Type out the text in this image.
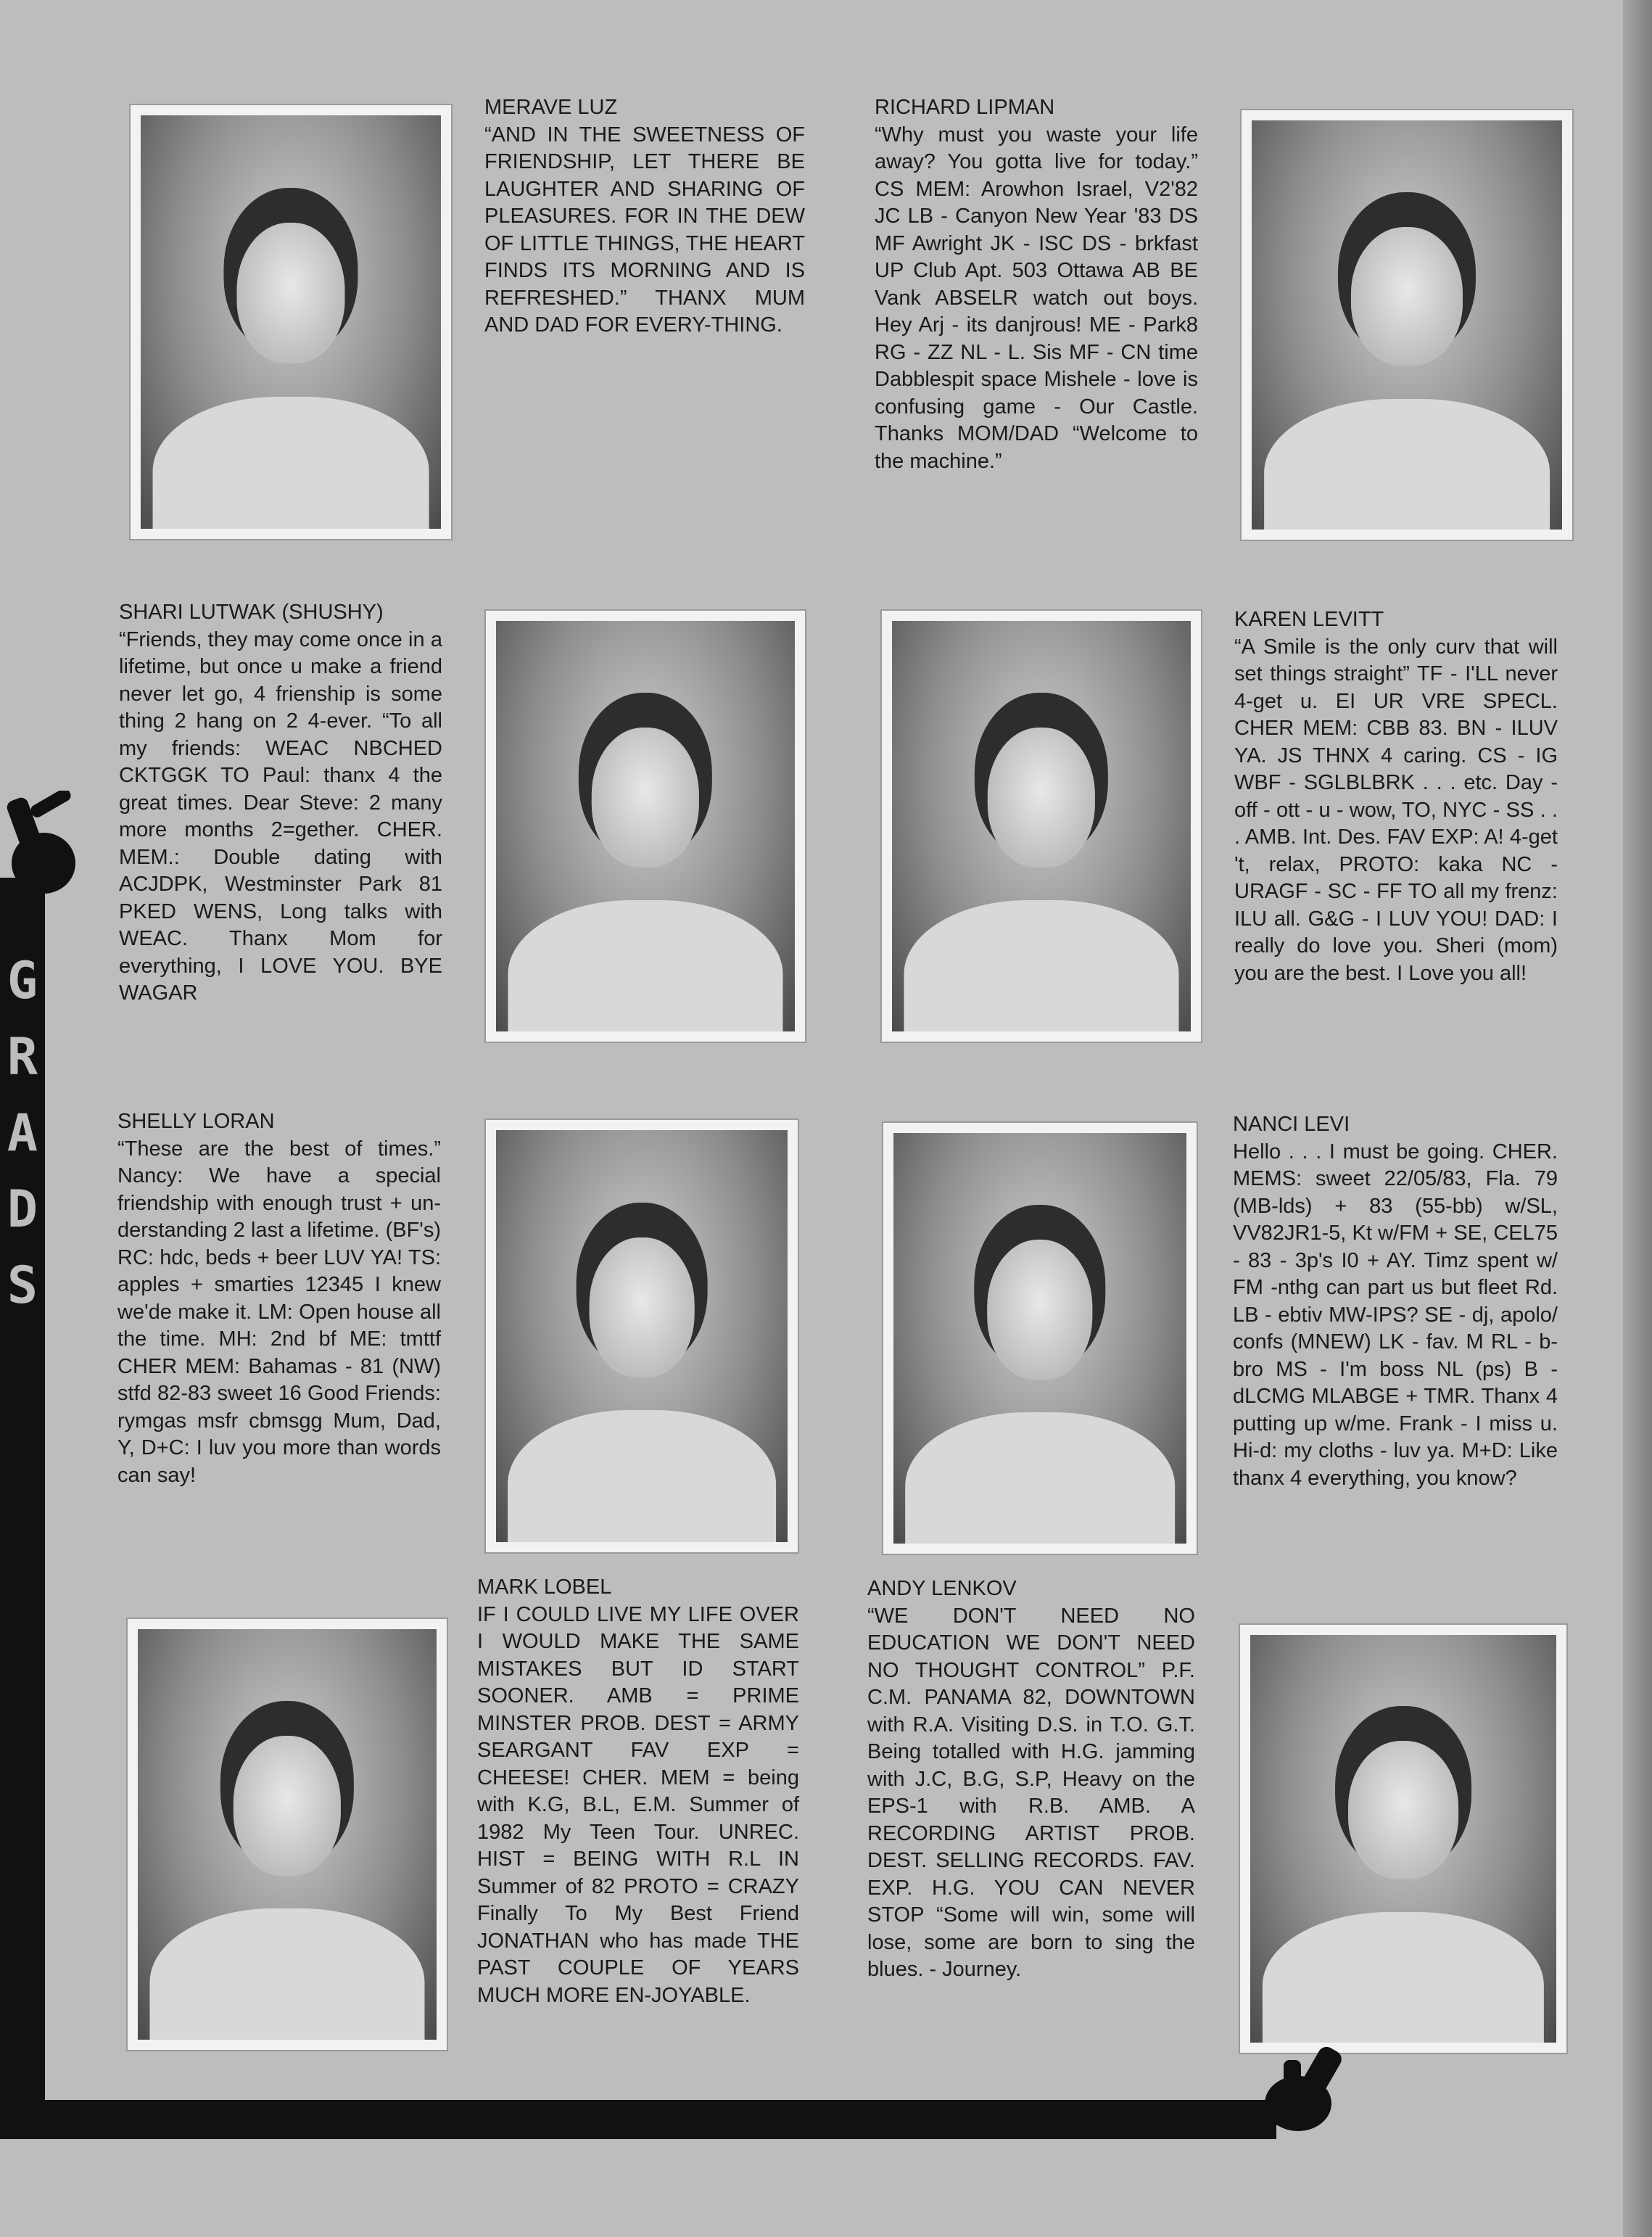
MERAVE LUZ
“AND IN THE SWEETNESS OF FRIENDSHIP, LET THERE BE LAUGHTER AND SHARING OF PLEASURES. FOR IN THE DEW OF LITTLE THINGS, THE HEART FINDS ITS MORNING AND IS REFRESHED.” THANX MUM AND DAD FOR EVERY-THING.
RICHARD LIPMAN
“Why must you waste your life away? You gotta live for today.” CS MEM: Arowhon Israel, V2'82 JC LB - Canyon New Year '83 DS MF Awright JK - ISC DS - brkfast UP Club Apt. 503 Ottawa AB BE Vank ABSELR watch out boys. Hey Arj - its danjrous! ME - Park8 RG - ZZ NL - L. Sis MF - CN time Dabblespit space Mishele - love is confusing game - Our Castle. Thanks MOM/DAD “Welcome to the machine.”
SHARI LUTWAK (SHUSHY)
“Friends, they may come once in a lifetime, but once u make a friend never let go, 4 frienship is some thing 2 hang on 2 4-ever. “To all my friends: WEAC NBCHED CKTGGK TO Paul: thanx 4 the great times. Dear Steve: 2 many more months 2=gether. CHER. MEM.: Double dating with ACJDPK, Westminster Park 81 PKED WENS, Long talks with WEAC. Thanx Mom for everything, I LOVE YOU. BYE WAGAR
KAREN LEVITT
“A Smile is the only curv that will set things straight” TF - I'LL never 4-get u. EI UR VRE SPECL. CHER MEM: CBB 83. BN - ILUV YA. JS THNX 4 caring. CS - IG WBF - SGLBLBRK . . . etc. Day - off - ott - u - wow, TO, NYC - SS . . . AMB. Int. Des. FAV EXP: A! 4-get 't, relax, PROTO: kaka NC - URAGF - SC - FF TO all my frenz: ILU all. G&G - I LUV YOU! DAD: I really do love you. Sheri (mom) you are the best. I Love you all!
SHELLY LORAN
“These are the best of times.” Nancy: We have a special friendship with enough trust + un-derstanding 2 last a lifetime. (BF's) RC: hdc, beds + beer LUV YA! TS: apples + smarties 12345 I knew we'de make it. LM: Open house all the time. MH: 2nd bf ME: tmttf CHER MEM: Bahamas - 81 (NW) stfd 82-83 sweet 16 Good Friends: rymgas msfr cbmsgg Mum, Dad, Y, D+C: I luv you more than words can say!
NANCI LEVI
Hello . . . I must be going. CHER. MEMS: sweet 22/05/83, Fla. 79 (MB-lds) + 83 (55-bb) w/SL, VV82JR1-5, Kt w/FM + SE, CEL75 - 83 - 3p's I0 + AY. Timz spent w/ FM -nthg can part us but fleet Rd. LB - ebtiv MW-IPS? SE - dj, apolo/ confs (MNEW) LK - fav. M RL - b-bro MS - I'm boss NL (ps) B - dLCMG MLABGE + TMR. Thanx 4 putting up w/me. Frank - I miss u. Hi-d: my cloths - luv ya. M+D: Like thanx 4 everything, you know?
MARK LOBEL
IF I COULD LIVE MY LIFE OVER I WOULD MAKE THE SAME MISTAKES BUT ID START SOONER. AMB = PRIME MINSTER PROB. DEST = ARMY SEARGANT FAV EXP = CHEESE! CHER. MEM = being with K.G, B.L, E.M. Summer of 1982 My Teen Tour. UNREC. HIST = BEING WITH R.L IN Summer of 82 PROTO = CRAZY Finally To My Best Friend JONATHAN who has made THE PAST COUPLE OF YEARS MUCH MORE EN-JOYABLE.
ANDY LENKOV
“WE DON'T NEED NO EDUCATION WE DON'T NEED NO THOUGHT CONTROL” P.F. C.M. PANAMA 82, DOWNTOWN with R.A. Visiting D.S. in T.O. G.T. Being totalled with H.G. jamming with J.C, B.G, S.P, Heavy on the EPS-1 with R.B. AMB. A RECORDING ARTIST PROB. DEST. SELLING RECORDS. FAV. EXP. H.G. YOU CAN NEVER STOP “Some will win, some will lose, some are born to sing the blues. - Journey.
G
R
A
D
S
